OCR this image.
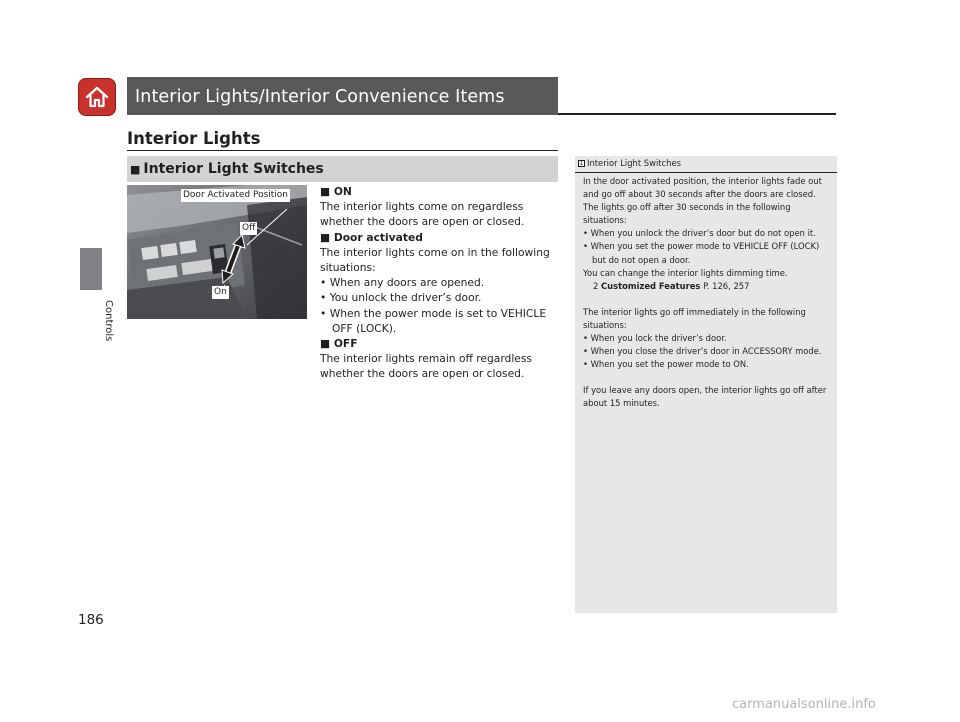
Interior Lights/Interior Convenience Items
Controls
Interior Lights
■ Interior Light Switches
Door Activated Position
Off
On
■ ON
The interior lights come on regardless whether the doors are open or closed.
■ Door activated
The interior lights come on in the following situations:
• When any doors are opened.
• You unlock the driver’s door.
• When the power mode is set to VEHICLE OFF (LOCK).
■ OFF
The interior lights remain off regardless whether the doors are open or closed.
1 Interior Light Switches
In the door activated position, the interior lights fade out and go off about 30 seconds after the doors are closed.
The lights go off after 30 seconds in the following situations:
• When you unlock the driver’s door but do not open it.
• When you set the power mode to VEHICLE OFF (LOCK) but do not open a door.
You can change the interior lights dimming time.
2 Customized Features P. 126, 257
The interior lights go off immediately in the following situations:
• When you lock the driver’s door.
• When you close the driver’s door in ACCESSORY mode.
• When you set the power mode to ON.
If you leave any doors open, the interior lights go off after about 15 minutes.
186
carmanualsonline.info
